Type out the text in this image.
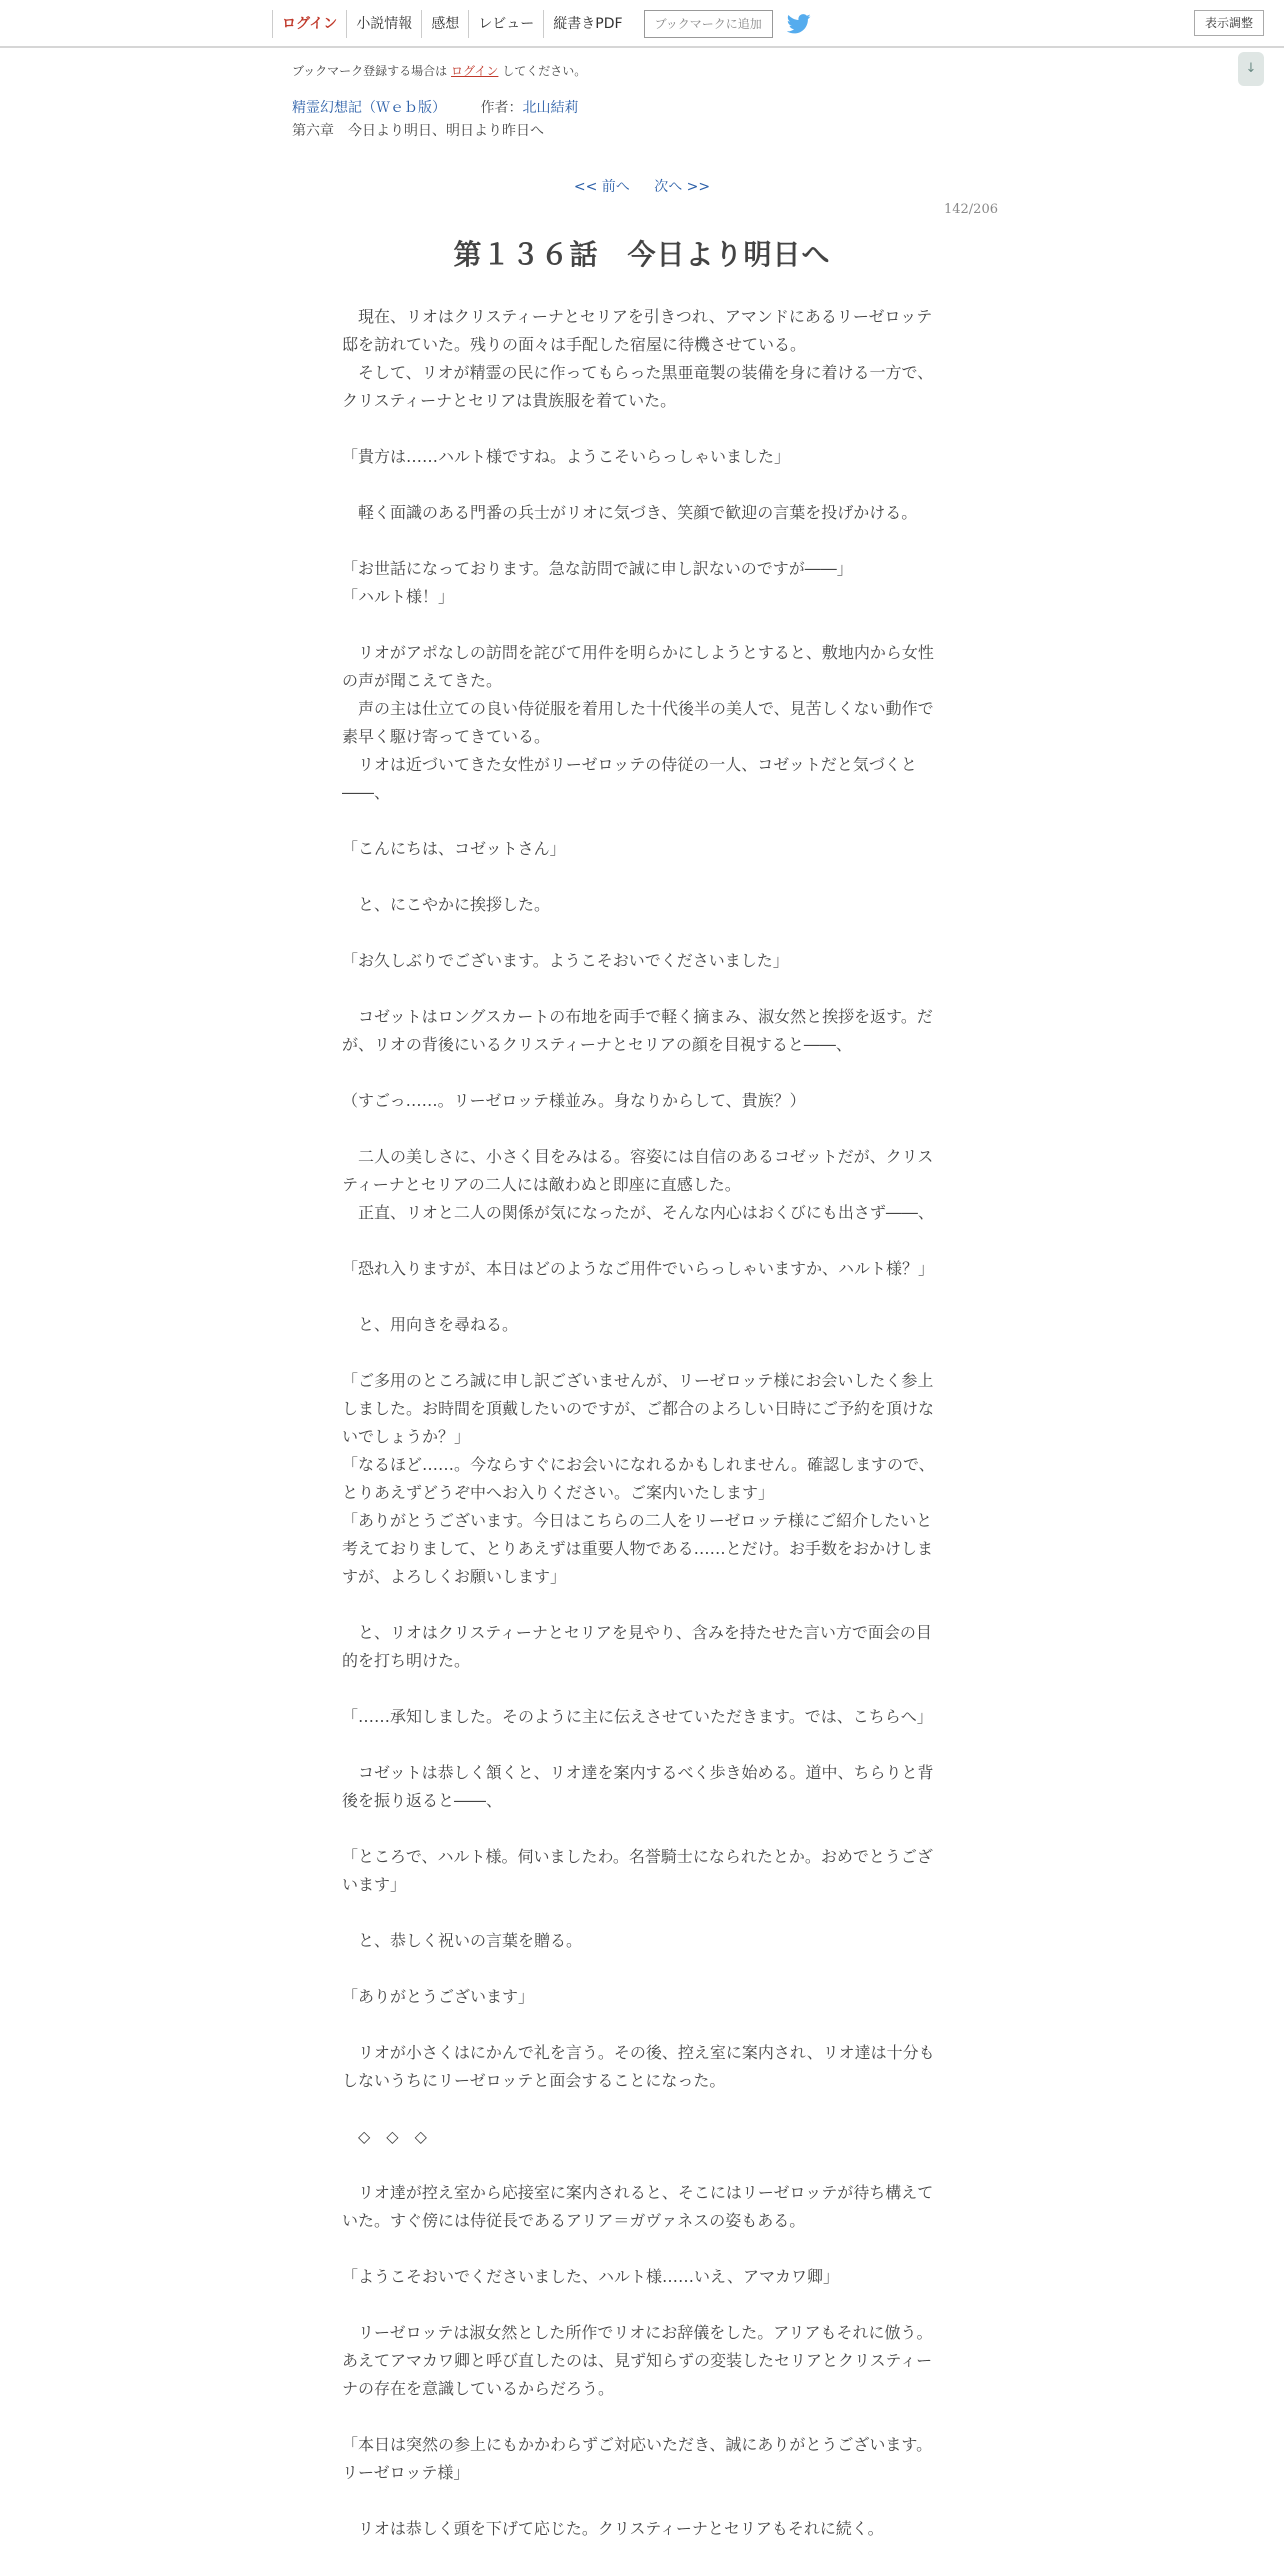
ログイン	小説情報	感想	レビュー	縦書きPDF	ブックマークに追加	表示調整
↓
ブックマーク登録する場合は ログイン してください。
精霊幻想記（Ｗｅｂ版） 作者：北山結莉
第六章　今日より明日、明日より昨日へ
<< 前へ 次へ >>
142/206
第１３６話　今日より明日へ

　現在、リオはクリスティーナとセリアを引きつれ、アマンドにあるリーゼロッテ

邸を訪れていた。残りの面々は手配した宿屋に待機させている。

　そして、リオが精霊の民に作ってもらった黒亜竜製の装備を身に着ける一方で、

クリスティーナとセリアは貴族服を着ていた。

「貴方は……ハルト様ですね。ようこそいらっしゃいました」

　軽く面識のある門番の兵士がリオに気づき、笑顔で歓迎の言葉を投げかける。

「お世話になっております。急な訪問で誠に申し訳ないのですが――」

「ハルト様！」

　リオがアポなしの訪問を詫びて用件を明らかにしようとすると、敷地内から女性

の声が聞こえてきた。

　声の主は仕立ての良い侍従服を着用した十代後半の美人で、見苦しくない動作で

素早く駆け寄ってきている。

　リオは近づいてきた女性がリーゼロッテの侍従の一人、コゼットだと気づくと

――、

「こんにちは、コゼットさん」

　と、にこやかに挨拶した。

「お久しぶりでございます。ようこそおいでくださいました」

　コゼットはロングスカートの布地を両手で軽く摘まみ、淑女然と挨拶を返す。だ

が、リオの背後にいるクリスティーナとセリアの顔を目視すると――、

（すごっ……。リーゼロッテ様並み。身なりからして、貴族？）

　二人の美しさに、小さく目をみはる。容姿には自信のあるコゼットだが、クリス

ティーナとセリアの二人には敵わぬと即座に直感した。

　正直、リオと二人の関係が気になったが、そんな内心はおくびにも出さず――、

「恐れ入りますが、本日はどのようなご用件でいらっしゃいますか、ハルト様？」

　と、用向きを尋ねる。

「ご多用のところ誠に申し訳ございませんが、リーゼロッテ様にお会いしたく参上

しました。お時間を頂戴したいのですが、ご都合のよろしい日時にご予約を頂けな

いでしょうか？」

「なるほど……。今ならすぐにお会いになれるかもしれません。確認しますので、

とりあえずどうぞ中へお入りください。ご案内いたします」

「ありがとうございます。今日はこちらの二人をリーゼロッテ様にご紹介したいと

考えておりまして、とりあえずは重要人物である……とだけ。お手数をおかけしま

すが、よろしくお願いします」

　と、リオはクリスティーナとセリアを見やり、含みを持たせた言い方で面会の目

的を打ち明けた。

「……承知しました。そのように主に伝えさせていただきます。では、こちらへ」

　コゼットは恭しく頷くと、リオ達を案内するべく歩き始める。道中、ちらりと背

後を振り返ると――、

「ところで、ハルト様。伺いましたわ。名誉騎士になられたとか。おめでとうござ

います」

　と、恭しく祝いの言葉を贈る。

「ありがとうございます」

　リオが小さくはにかんで礼を言う。その後、控え室に案内され、リオ達は十分も

しないうちにリーゼロッテと面会することになった。

　◇　◇　◇

　リオ達が控え室から応接室に案内されると、そこにはリーゼロッテが待ち構えて

いた。すぐ傍には侍従長であるアリア＝ガヴァネスの姿もある。

「ようこそおいでくださいました、ハルト様……いえ、アマカワ卿」

　リーゼロッテは淑女然とした所作でリオにお辞儀をした。アリアもそれに倣う。

あえてアマカワ卿と呼び直したのは、見ず知らずの変装したセリアとクリスティー

ナの存在を意識しているからだろう。

「本日は突然の参上にもかかわらずご対応いただき、誠にありがとうございます。

リーゼロッテ様」

　リオは恭しく頭を下げて応じた。クリスティーナとセリアもそれに続く。
